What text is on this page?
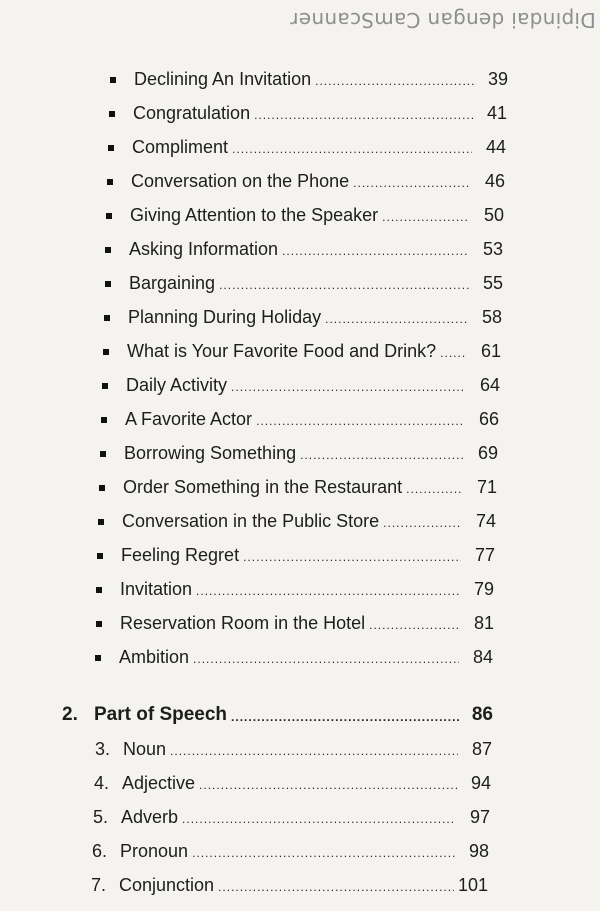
Dipindai dengan CamScanner
Declining An Invitation .....	39
Congratulation .....	41
Compliment .....	44
Conversation on the Phone .....	46
Giving Attention to the Speaker .....	50
Asking Information .....	53
Bargaining .....	55
Planning During Holiday .....	58
What is Your Favorite Food and Drink? .....	61
Daily Activity .....	64
A Favorite Actor .....	66
Borrowing Something .....	69
Order Something in the Restaurant .....	71
Conversation in the Public Store .....	74
Feeling Regret .....	77
Invitation .....	79
Reservation Room in the Hotel .....	81
Ambition .....	84
2. Part of Speech .....	86
3. Noun .....	87
4. Adjective .....	94
5. Adverb .....	97
6. Pronoun .....	98
7. Conjunction .....	101
